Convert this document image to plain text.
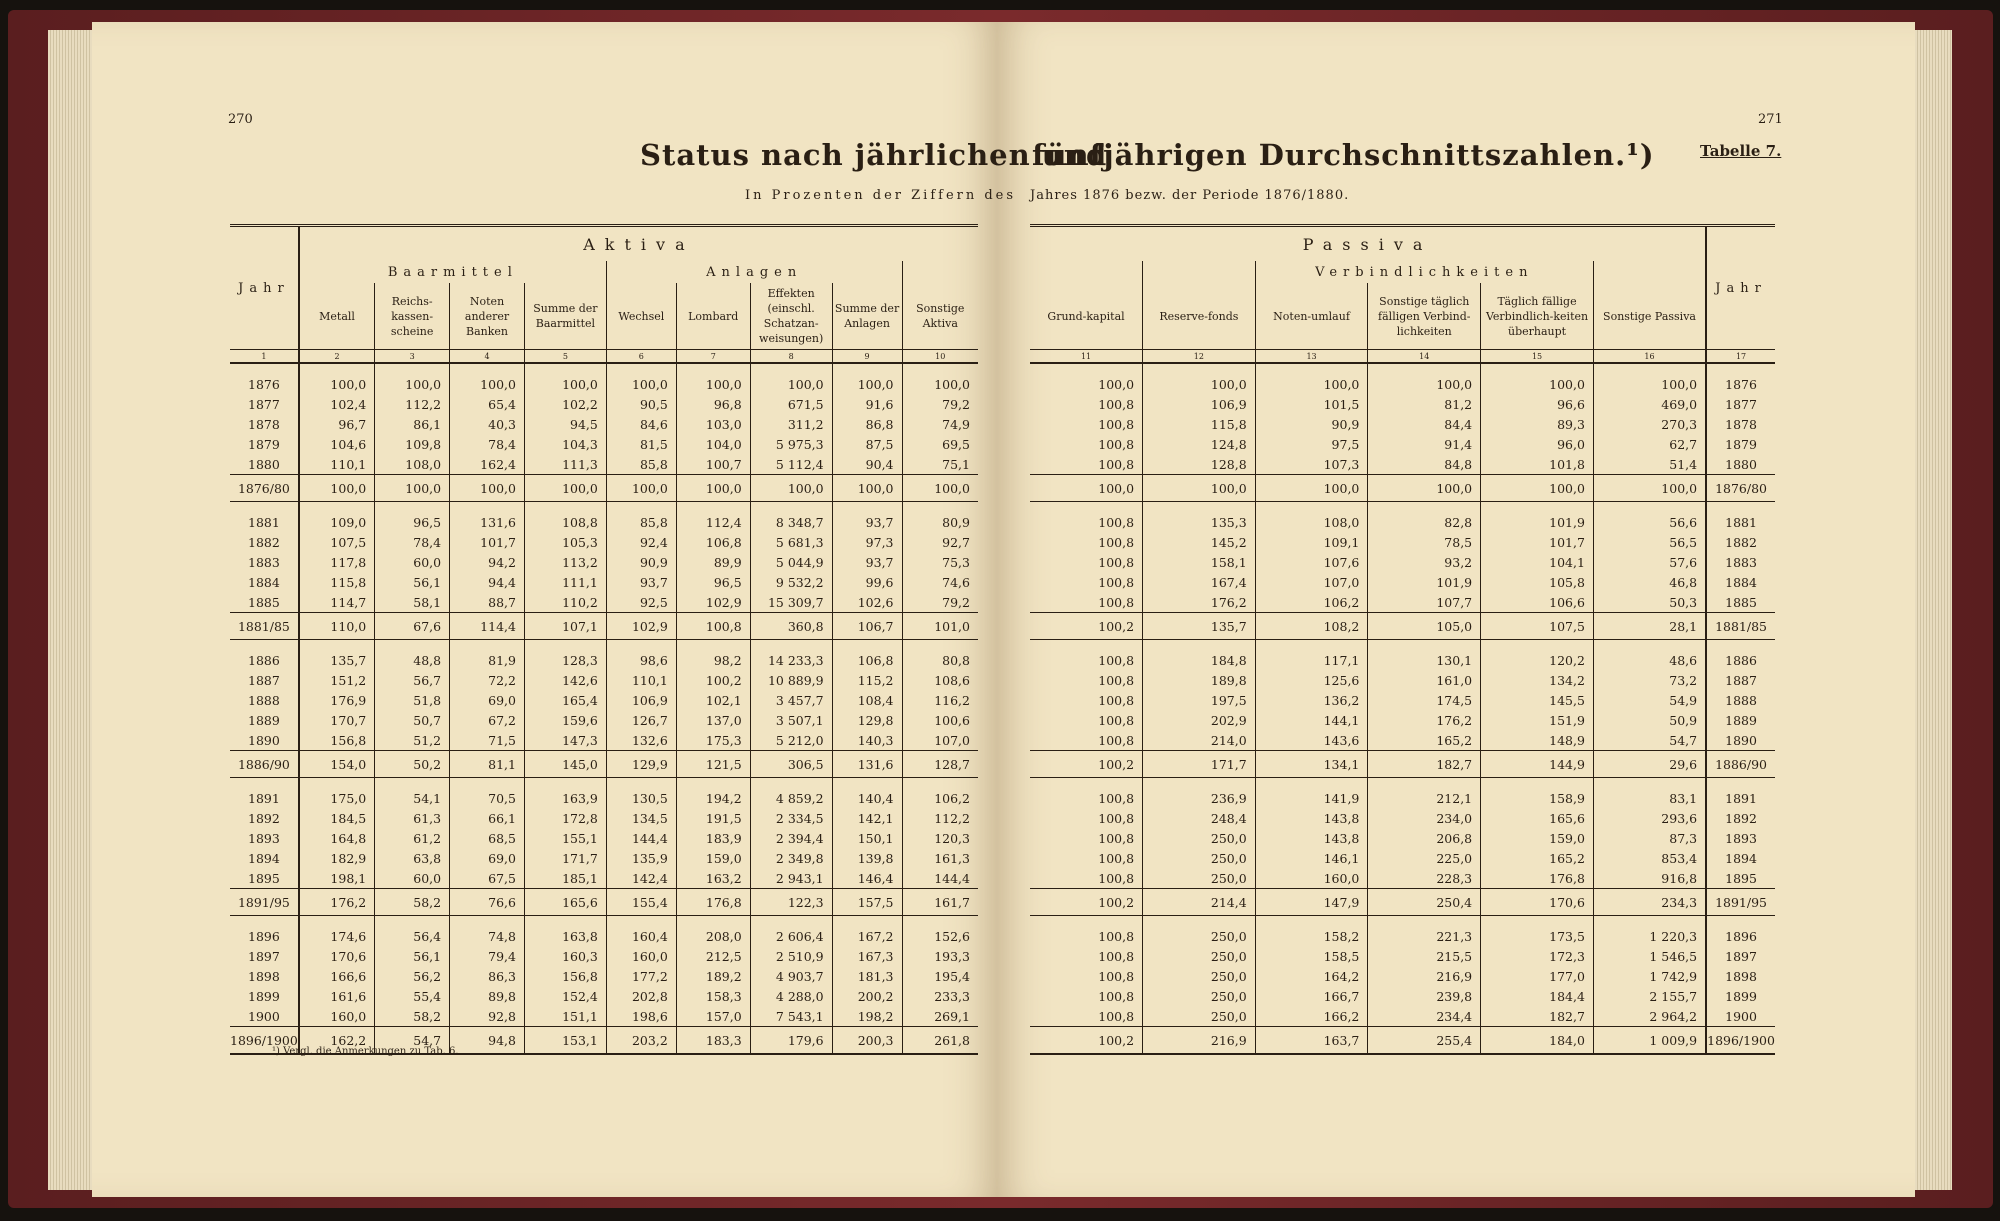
270	271
Status nach jährlichen und
fünfjährigen Durchschnittszahlen.¹)	Tabelle 7.
In Prozenten der Ziffern des Jahres 1876 bezw. der Periode 1876/1880.
Jahr	Aktiva								
	Baarmittel				Anlagen				
	Metall	Reichs-kassen-scheine	Noten anderer Banken	Summe der Baarmittel	Wechsel	Lombard	Effekten (einschl. Schatzan-weisungen)	Summe der Anlagen	Sonstige Aktiva
1	2	3	4	5	6	7	8	9	10

1876	100,0	100,0	100,0	100,0	100,0	100,0	100,0	100,0	100,0
1877	102,4	112,2	65,4	102,2	90,5	96,8	671,5	91,6	79,2
1878	96,7	86,1	40,3	94,5	84,6	103,0	311,2	86,8	74,9
1879	104,6	109,8	78,4	104,3	81,5	104,0	5 975,3	87,5	69,5
1880	110,1	108,0	162,4	111,3	85,8	100,7	5 112,4	90,4	75,1
1876/80	100,0	100,0	100,0	100,0	100,0	100,0	100,0	100,0	100,0

1881	109,0	96,5	131,6	108,8	85,8	112,4	8 348,7	93,7	80,9
1882	107,5	78,4	101,7	105,3	92,4	106,8	5 681,3	97,3	92,7
1883	117,8	60,0	94,2	113,2	90,9	89,9	5 044,9	93,7	75,3
1884	115,8	56,1	94,4	111,1	93,7	96,5	9 532,2	99,6	74,6
1885	114,7	58,1	88,7	110,2	92,5	102,9	15 309,7	102,6	79,2
1881/85	110,0	67,6	114,4	107,1	102,9	100,8	360,8	106,7	101,0

1886	135,7	48,8	81,9	128,3	98,6	98,2	14 233,3	106,8	80,8
1887	151,2	56,7	72,2	142,6	110,1	100,2	10 889,9	115,2	108,6
1888	176,9	51,8	69,0	165,4	106,9	102,1	3 457,7	108,4	116,2
1889	170,7	50,7	67,2	159,6	126,7	137,0	3 507,1	129,8	100,6
1890	156,8	51,2	71,5	147,3	132,6	175,3	5 212,0	140,3	107,0
1886/90	154,0	50,2	81,1	145,0	129,9	121,5	306,5	131,6	128,7

1891	175,0	54,1	70,5	163,9	130,5	194,2	4 859,2	140,4	106,2
1892	184,5	61,3	66,1	172,8	134,5	191,5	2 334,5	142,1	112,2
1893	164,8	61,2	68,5	155,1	144,4	183,9	2 394,4	150,1	120,3
1894	182,9	63,8	69,0	171,7	135,9	159,0	2 349,8	139,8	161,3
1895	198,1	60,0	67,5	185,1	142,4	163,2	2 943,1	146,4	144,4
1891/95	176,2	58,2	76,6	165,6	155,4	176,8	122,3	157,5	161,7

1896	174,6	56,4	74,8	163,8	160,4	208,0	2 606,4	167,2	152,6
1897	170,6	56,1	79,4	160,3	160,0	212,5	2 510,9	167,3	193,3
1898	166,6	56,2	86,3	156,8	177,2	189,2	4 903,7	181,3	195,4
1899	161,6	55,4	89,8	152,4	202,8	158,3	4 288,0	200,2	233,3
1900	160,0	58,2	92,8	151,1	198,6	157,0	7 543,1	198,2	269,1
1896/1900	162,2	54,7	94,8	153,1	203,2	183,3	179,6	200,3	261,8
Passiva						Jahr
		Verbindlichkeiten				
Grund-kapital	Reserve-fonds	Noten-umlauf	Sonstige täglich fälligen Verbind-lichkeiten	Täglich fällige Verbindlich-keiten überhaupt	Sonstige Passiva	
11	12	13	14	15	16	17

100,0	100,0	100,0	100,0	100,0	100,0	1876
100,8	106,9	101,5	81,2	96,6	469,0	1877
100,8	115,8	90,9	84,4	89,3	270,3	1878
100,8	124,8	97,5	91,4	96,0	62,7	1879
100,8	128,8	107,3	84,8	101,8	51,4	1880
100,0	100,0	100,0	100,0	100,0	100,0	1876/80

100,8	135,3	108,0	82,8	101,9	56,6	1881
100,8	145,2	109,1	78,5	101,7	56,5	1882
100,8	158,1	107,6	93,2	104,1	57,6	1883
100,8	167,4	107,0	101,9	105,8	46,8	1884
100,8	176,2	106,2	107,7	106,6	50,3	1885
100,2	135,7	108,2	105,0	107,5	28,1	1881/85

100,8	184,8	117,1	130,1	120,2	48,6	1886
100,8	189,8	125,6	161,0	134,2	73,2	1887
100,8	197,5	136,2	174,5	145,5	54,9	1888
100,8	202,9	144,1	176,2	151,9	50,9	1889
100,8	214,0	143,6	165,2	148,9	54,7	1890
100,2	171,7	134,1	182,7	144,9	29,6	1886/90

100,8	236,9	141,9	212,1	158,9	83,1	1891
100,8	248,4	143,8	234,0	165,6	293,6	1892
100,8	250,0	143,8	206,8	159,0	87,3	1893
100,8	250,0	146,1	225,0	165,2	853,4	1894
100,8	250,0	160,0	228,3	176,8	916,8	1895
100,2	214,4	147,9	250,4	170,6	234,3	1891/95

100,8	250,0	158,2	221,3	173,5	1 220,3	1896
100,8	250,0	158,5	215,5	172,3	1 546,5	1897
100,8	250,0	164,2	216,9	177,0	1 742,9	1898
100,8	250,0	166,7	239,8	184,4	2 155,7	1899
100,8	250,0	166,2	234,4	182,7	2 964,2	1900
100,2	216,9	163,7	255,4	184,0	1 009,9	1896/1900
¹) Vergl. die Anmerkungen zu Tab. 6.
